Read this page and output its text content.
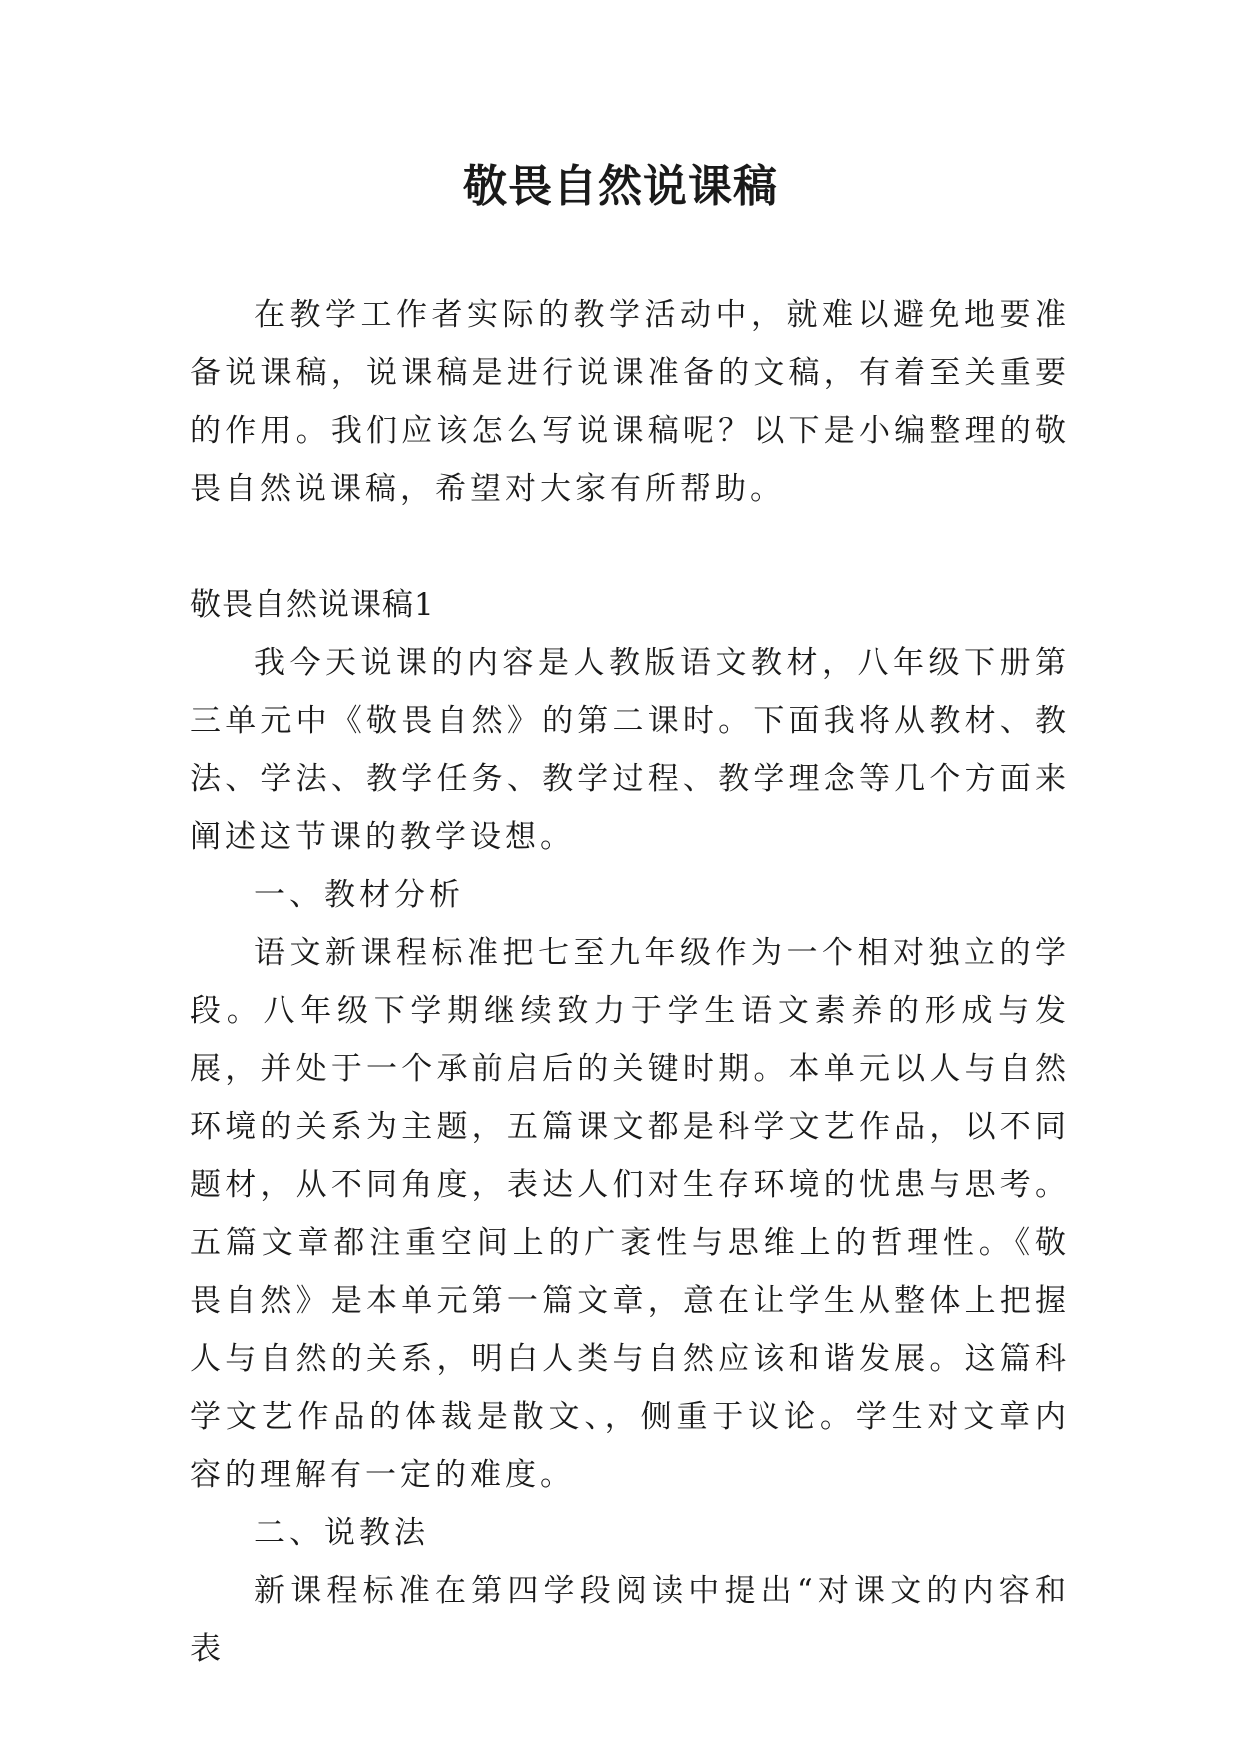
敬畏自然说课稿

在教学工作者实际的教学活动中，就难以避免地要准备说课稿，说课稿是进行说课准备的文稿，有着至关重要的作用。我们应该怎么写说课稿呢？以下是小编整理的敬畏自然说课稿，希望对大家有所帮助。

敬畏自然说课稿1

我今天说课的内容是人教版语文教材，八年级下册第三单元中《敬畏自然》的第二课时。下面我将从教材、教法、学法、教学任务、教学过程、教学理念等几个方面来阐述这节课的教学设想。

一、教材分析

语文新课程标准把七至九年级作为一个相对独立的学段。八年级下学期继续致力于学生语文素养的形成与发展，并处于一个承前启后的关键时期。本单元以人与自然环境的关系为主题，五篇课文都是科学文艺作品，以不同题材，从不同角度，表达人们对生存环境的忧患与思考。五篇文章都注重空间上的广袤性与思维上的哲理性。《敬畏自然》是本单元第一篇文章，意在让学生从整体上把握人与自然的关系，明白人类与自然应该和谐发展。这篇科学文艺作品的体裁是散文、，侧重于议论。学生对文章内容的理解有一定的难度。

二、说教法

新课程标准在第四学段阅读中提出“对课文的内容和表
